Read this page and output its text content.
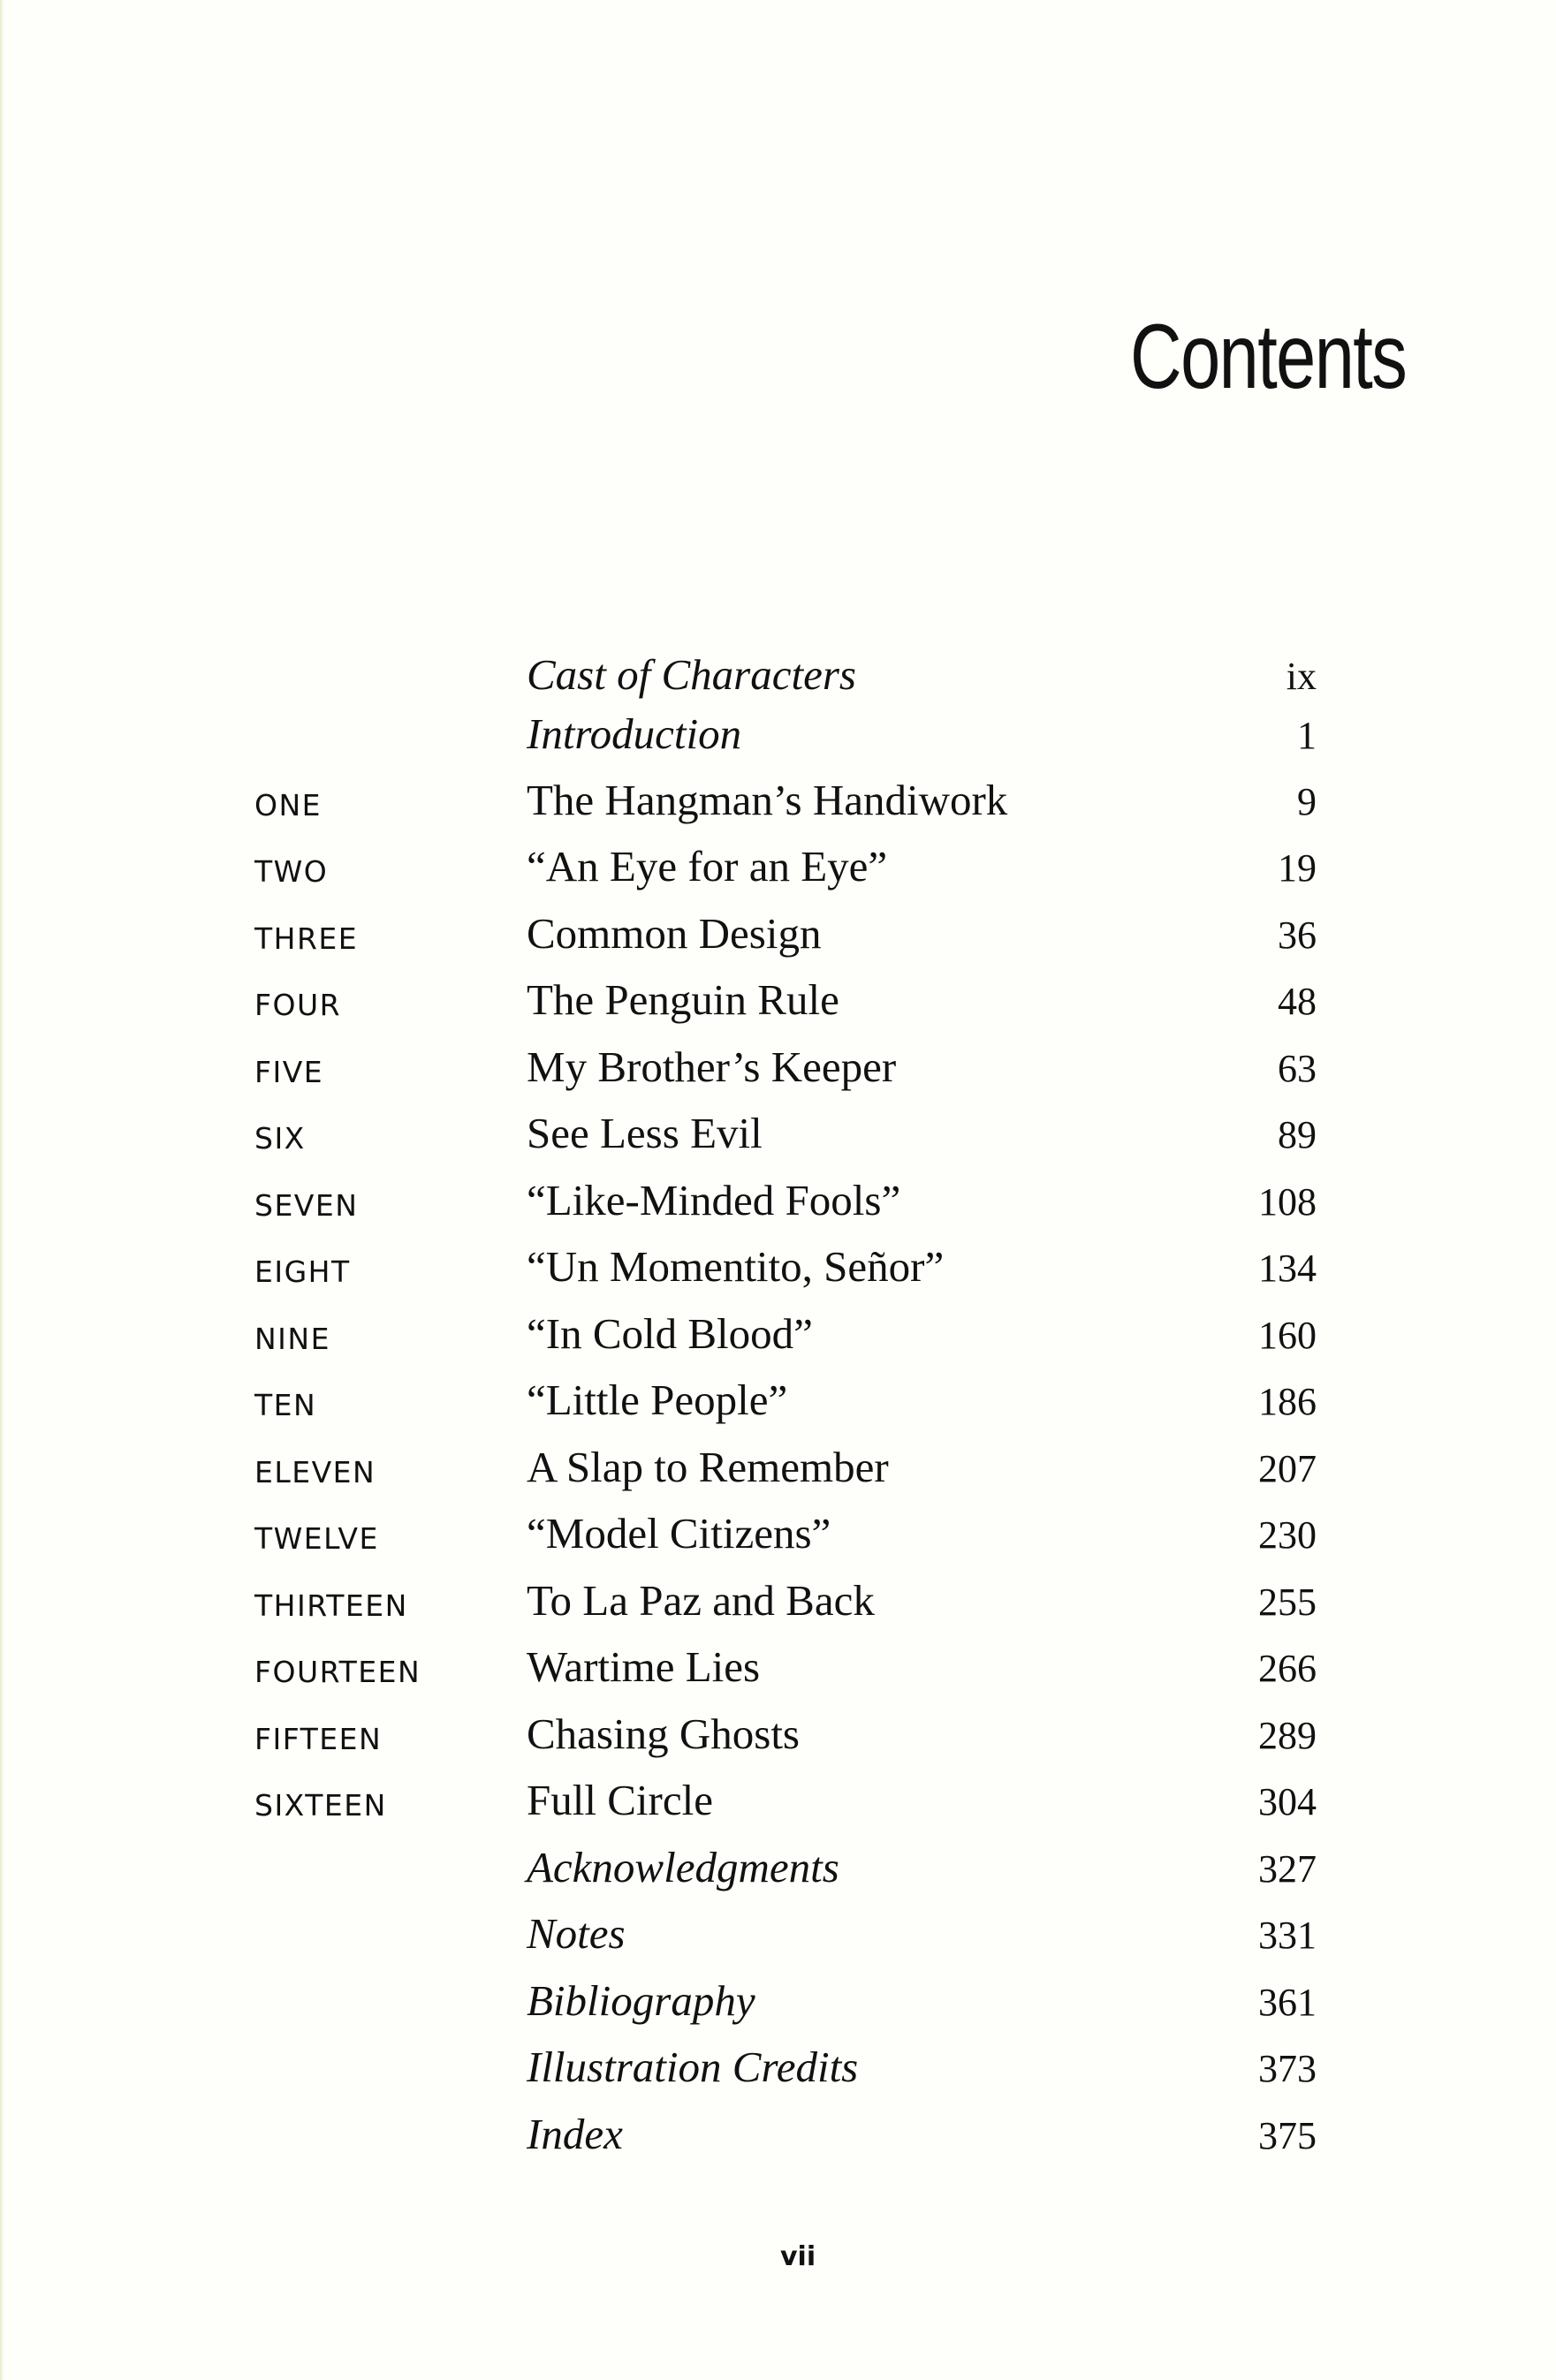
Contents
Cast of Characters	ix
Introduction	1
ONE	The Hangman’s Handiwork	9
TWO	“An Eye for an Eye”	19
THREE	Common Design	36
FOUR	The Penguin Rule	48
FIVE	My Brother’s Keeper	63
SIX	See Less Evil	89
SEVEN	“Like-Minded Fools”	108
EIGHT	“Un Momentito, Señor”	134
NINE	“In Cold Blood”	160
TEN	“Little People”	186
ELEVEN	A Slap to Remember	207
TWELVE	“Model Citizens”	230
THIRTEEN	To La Paz and Back	255
FOURTEEN Wartime Lies	266
FIFTEEN	Chasing Ghosts	289
SIXTEEN	Full Circle	304
Acknowledgments	327
Notes	331
Bibliography	361
Illustration Credits	373
Index	375
vii
